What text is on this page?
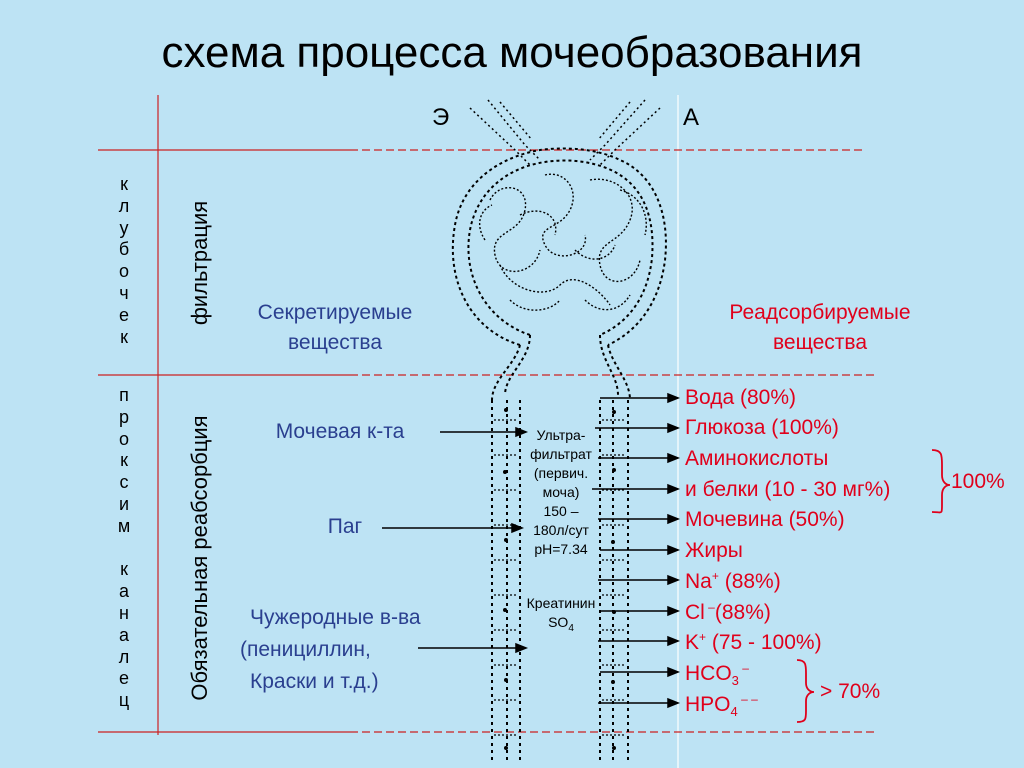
схема процесса мочеобразования
Э	А
к
л
у
б
о
ч
е
к
п
р
о
к
с
и
м
к
а
н
а
л
е
ц
фильтрация
Обязательная реабсорбция
Секретируемые
вещества
Мочевая к-та
Паг
Чужеродные в-ва
(пенициллин,
Краски и т.д.)
Ультра-
фильтрат
(первич.
моча)
150 –
180л/сут
pH=7.34
Креатинин
$SO_4$
Реадсорбируемые
вещества
Вода (80%)
Глюкоза (100%)
Аминокислоты
и белки (10 - 30 мг%)
Мочевина (50%)
Жиры
Na+ (88%)
Cl –(88%)
K+ (75 - 100%)
$HCO_3$ –
$HPO_4$ – –
100%
> 70%
